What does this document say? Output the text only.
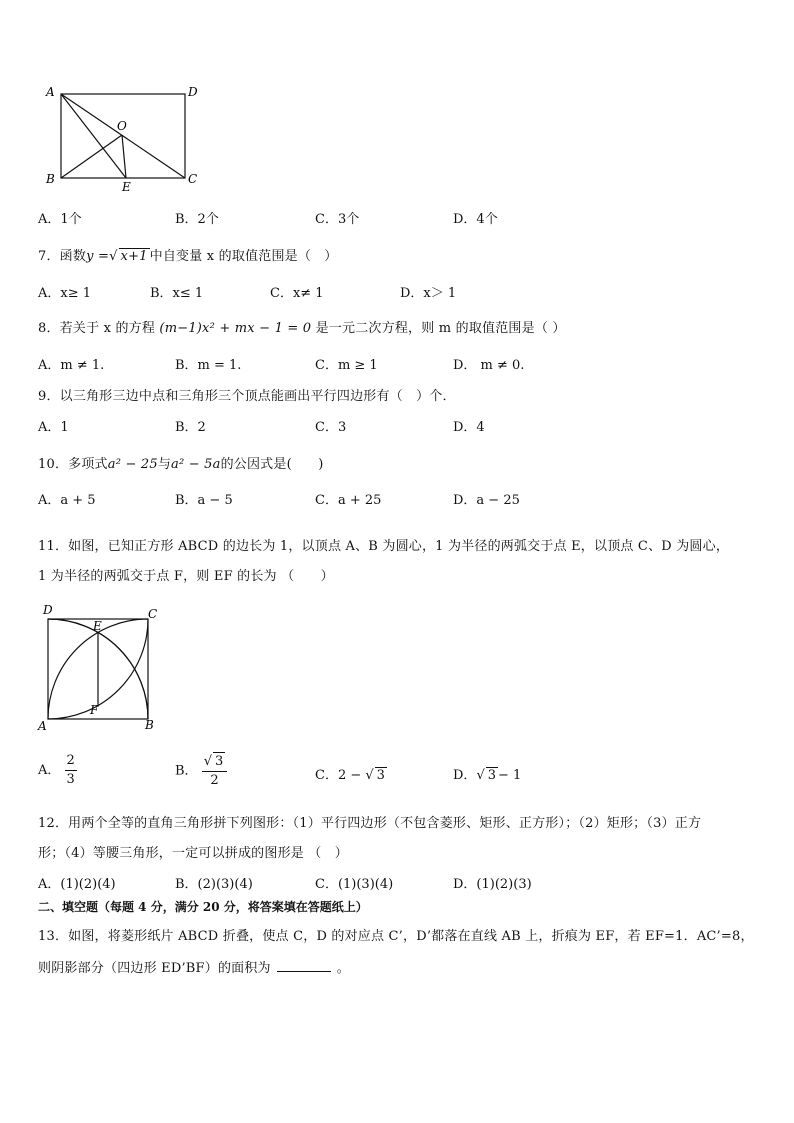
A	D
O
B
E
C
A．1个	B．2个	C．3个	D．4个
7．函数y =√ x+1 中自变量 x 的取值范围是（　）
A．x≥ 1	B．x≤ 1	C．x≠ 1	D．x＞ 1
8．若关于 x 的方程 (m−1)x² + mx − 1 = 0 是一元二次方程，则 m 的取值范围是（ ）
A．m ≠ 1.	B．m = 1.	C．m ≥ 1	D． m ≠ 0.
9．以三角形三边中点和三角形三个顶点能画出平行四边形有（　）个．
A．1	B．2	C．3	D．4
10．多项式a² − 25与a² − 5a的公因式是(　　)
A．a + 5	B．a − 5	C．a + 25	D．a − 25
11．如图，已知正方形 ABCD 的边长为 1，以顶点 A、B 为圆心，1 为半径的两弧交于点 E，以顶点 C、D 为圆心，
1 为半径的两弧交于点 F，则 EF 的长为 （　　）
D	C
E
F
A	B
A． $\frac{2}{3}$	B． $\frac{√ 3}{2}$	C．2 − √ 3	D．√ 3 − 1
12．用两个全等的直角三角形拼下列图形：（1）平行四边形（不包含菱形、矩形、正方形）；（2）矩形；（3）正方
形；（4）等腰三角形，一定可以拼成的图形是 （　）
A．(1)(2)(4)	B．(2)(3)(4)	C．(1)(3)(4)	D．(1)(2)(3)
二、填空题（每题 4 分，满分 20 分，将答案填在答题纸上）
13．如图，将菱形纸片 ABCD 折叠，使点 C，D 的对应点 C’，D’都落在直线 AB 上，折痕为 EF，若 EF=1．AC’=8，
则阴影部分（四边形 ED’BF）的面积为	。
